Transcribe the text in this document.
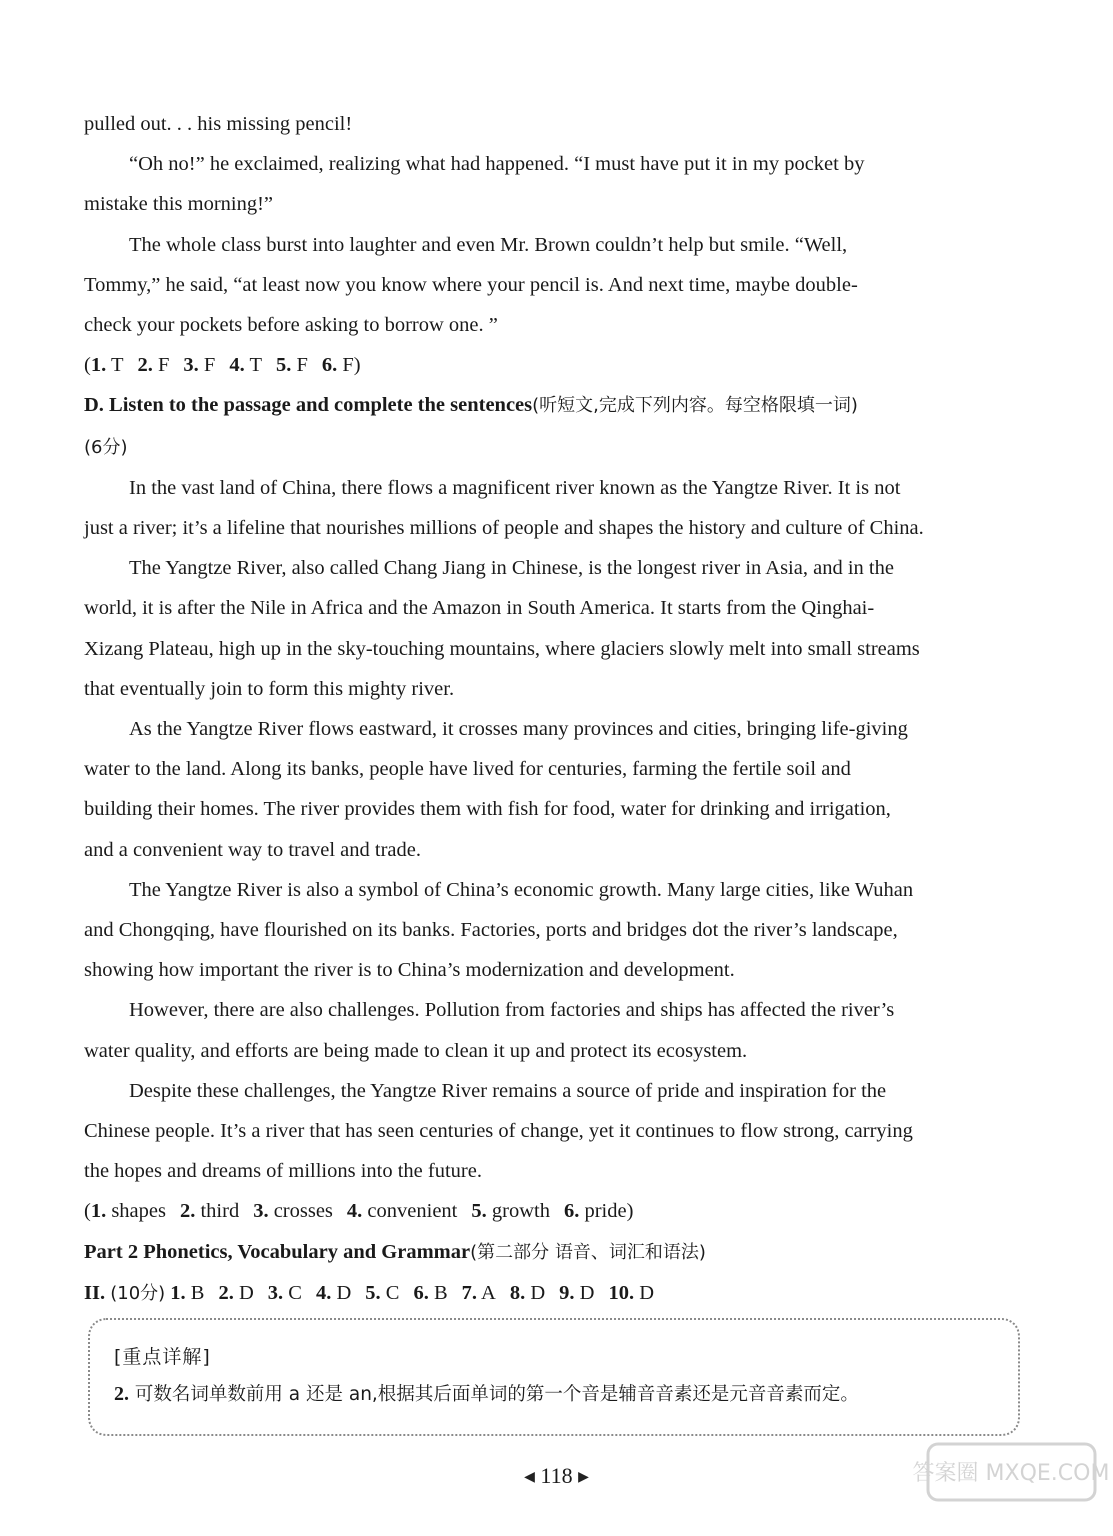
pulled out. . . his missing pencil!

“Oh no!” he exclaimed, realizing what had happened. “I must have put it in my pocket by
mistake this morning!”

The whole class burst into laughter and even Mr. Brown couldn’t help but smile. “Well,
Tommy,” he said, “at least now you know where your pencil is. And next time, maybe double-
check your pockets before asking to borrow one. ”

(1. T 2. F 3. F 4. T 5. F 6. F)

D. Listen to the passage and complete the sentences(听短文,完成下列内容。每空格限填一词)
(6分)

In the vast land of China, there flows a magnificent river known as the Yangtze River. It is not
just a river; it’s a lifeline that nourishes millions of people and shapes the history and culture of China.

The Yangtze River, also called Chang Jiang in Chinese, is the longest river in Asia, and in the
world, it is after the Nile in Africa and the Amazon in South America. It starts from the Qinghai-
Xizang Plateau, high up in the sky-touching mountains, where glaciers slowly melt into small streams
that eventually join to form this mighty river.

As the Yangtze River flows eastward, it crosses many provinces and cities, bringing life-giving
water to the land. Along its banks, people have lived for centuries, farming the fertile soil and
building their homes. The river provides them with fish for food, water for drinking and irrigation,
and a convenient way to travel and trade.

The Yangtze River is also a symbol of China’s economic growth. Many large cities, like Wuhan
and Chongqing, have flourished on its banks. Factories, ports and bridges dot the river’s landscape,
showing how important the river is to China’s modernization and development.

However, there are also challenges. Pollution from factories and ships has affected the river’s
water quality, and efforts are being made to clean it up and protect its ecosystem.

Despite these challenges, the Yangtze River remains a source of pride and inspiration for the
Chinese people. It’s a river that has seen centuries of change, yet it continues to flow strong, carrying
the hopes and dreams of millions into the future.

(1. shapes 2. third 3. crosses 4. convenient 5. growth 6. pride)

Part 2 Phonetics, Vocabulary and Grammar(第二部分 语音、词汇和语法)

II. (10分) 1. B 2. D 3. C 4. D 5. C 6. B 7. A 8. D 9. D 10. D

[重点详解]
2. 可数名词单数前用 a 还是 an,根据其后面单词的第一个音是辅音音素还是元音音素而定。
◀ 118 ▶	答案圈 MXQE.COM
